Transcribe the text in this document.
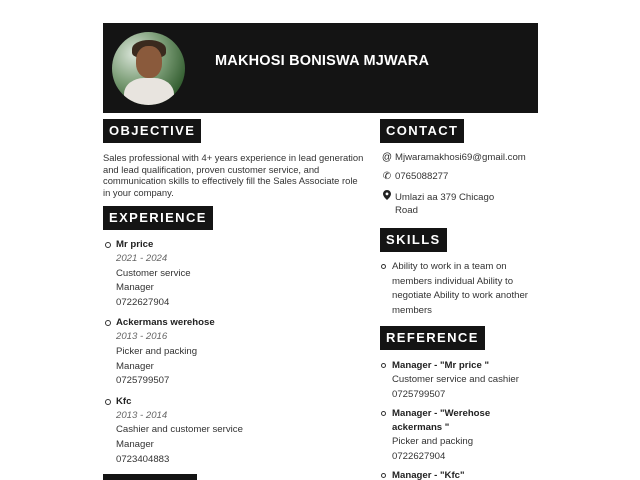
MAKHOSI BONISWA MJWARA
OBJECTIVE
Sales professional with 4+ years experience in lead generation and lead qualification, proven customer service, and communication skills to effectively fill the Sales Associate role in your company.
EXPERIENCE
Mr price
2021 - 2024
Customer service
Manager
0722627904
Ackermans werehose
2013 - 2016
Picker and packing
Manager
0725799507
Kfc
2013 - 2014
Cashier and customer service
Manager
0723404883
CONTACT
@ Mjwaramakhosi69@gmail.com
✆ 0765088277
Umlazi aa 379 Chicago
Road
SKILLS
Ability to work in a team on members individual Ability to negotiate Ability to work another members
REFERENCE
Manager - "Mr price "
Customer service and cashier
0725799507
Manager - "Werehose ackermans "
Picker and packing
0722627904
Manager - "Kfc"
